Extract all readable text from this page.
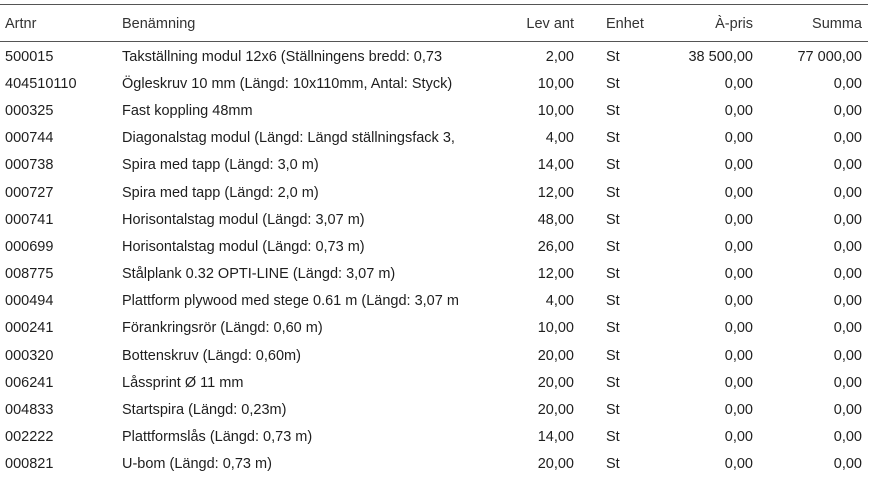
Artnr	Benämning	Lev ant	Enhet	À-pris	Summa
500015	Takställning modul 12x6 (Ställningens bredd: 0,73	2,00	St	38 500,00	77 000,00
404510110	Ögleskruv 10 mm (Längd: 10x110mm, Antal: Styck)	10,00	St	0,00	0,00
000325	Fast koppling 48mm	10,00	St	0,00	0,00
000744	Diagonalstag modul (Längd: Längd ställningsfack 3,	4,00	St	0,00	0,00
000738	Spira med tapp (Längd: 3,0 m)	14,00	St	0,00	0,00
000727	Spira med tapp (Längd: 2,0 m)	12,00	St	0,00	0,00
000741	Horisontalstag modul (Längd: 3,07 m)	48,00	St	0,00	0,00
000699	Horisontalstag modul (Längd: 0,73 m)	26,00	St	0,00	0,00
008775	Stålplank 0.32 OPTI-LINE (Längd: 3,07 m)	12,00	St	0,00	0,00
000494	Plattform plywood med stege 0.61 m (Längd: 3,07 m	4,00	St	0,00	0,00
000241	Förankringsrör (Längd: 0,60 m)	10,00	St	0,00	0,00
000320	Bottenskruv (Längd: 0,60m)	20,00	St	0,00	0,00
006241	Låssprint Ø 11 mm	20,00	St	0,00	0,00
004833	Startspira (Längd: 0,23m)	20,00	St	0,00	0,00
002222	Plattformslås (Längd: 0,73 m)	14,00	St	0,00	0,00
000821	U-bom (Längd: 0,73 m)	20,00	St	0,00	0,00
